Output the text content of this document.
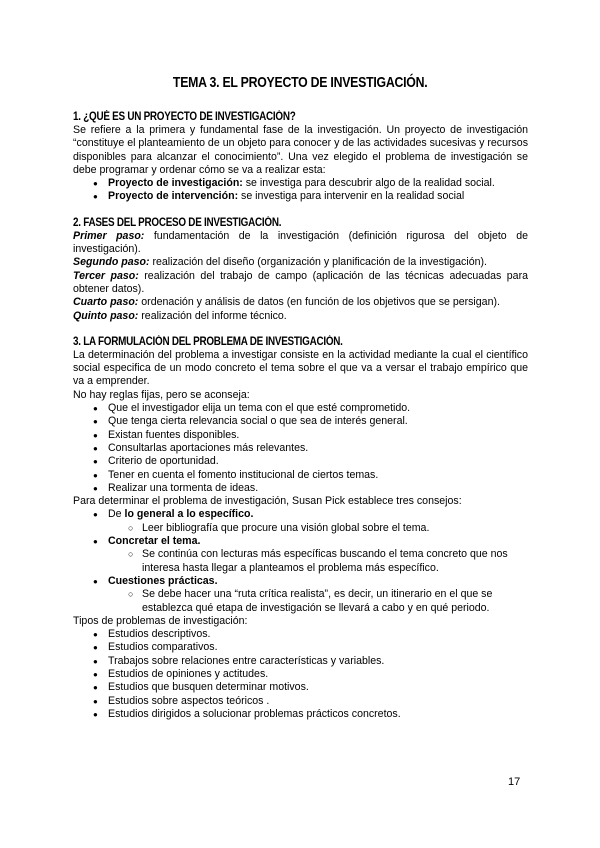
TEMA 3. EL PROYECTO DE INVESTIGACIÓN.
1. ¿QUÉ ES UN PROYECTO DE INVESTIGACIÓN?

Se refiere a la primera y fundamental fase de la investigación. Un proyecto de investigación “constituye el planteamiento de un objeto para conocer y de las actividades sucesivas y recursos disponibles para alcanzar el conocimiento”. Una vez elegido el problema de investigación se debe programar y ordenar cómo se va a realizar esta:

● Proyecto de investigación: se investiga para descubrir algo de la realidad social.
● Proyecto de intervención: se investiga para intervenir en la realidad social
2. FASES DEL PROCESO DE INVESTIGACIÓN.

Primer paso: fundamentación de la investigación (definición rigurosa del objeto de investigación).

Segundo paso: realización del diseño (organización y planificación de la investigación).

Tercer paso: realización del trabajo de campo (aplicación de las técnicas adecuadas para obtener datos).

Cuarto paso: ordenación y análisis de datos (en función de los objetivos que se persigan).

Quinto paso: realización del informe técnico.

3. LA FORMULACIÓN DEL PROBLEMA DE INVESTIGACIÓN.

La determinación del problema a investigar consiste en la actividad mediante la cual el científico social especifica de un modo concreto el tema sobre el que va a versar el trabajo empírico que va a emprender.

No hay reglas fijas, pero se aconseja:

● Que el investigador elija un tema con el que esté comprometido.
● Que tenga cierta relevancia social o que sea de interés general.
● Existan fuentes disponibles.
● Consultarlas aportaciones más relevantes.
● Criterio de oportunidad.
● Tener en cuenta el fomento institucional de ciertos temas.
● Realizar una tormenta de ideas.

Para determinar el problema de investigación, Susan Pick establece tres consejos:

● De lo general a lo específico.
○ Leer bibliografía que procure una visión global sobre el tema.
● Concretar el tema.
○ Se continúa con lecturas más específicas buscando el tema concreto que nos interesa hasta llegar a planteamos el problema más específico.
● Cuestiones prácticas.
○ Se debe hacer una “ruta crítica realista”, es decir, un itinerario en el que se establezca qué etapa de investigación se llevará a cabo y en qué periodo.

Tipos de problemas de investigación:

● Estudios descriptivos.
● Estudios comparativos.
● Trabajos sobre relaciones entre características y variables.
● Estudios de opiniones y actitudes.
● Estudios que busquen determinar motivos.
● Estudios sobre aspectos teóricos .
● Estudios dirigidos a solucionar problemas prácticos concretos.
17
